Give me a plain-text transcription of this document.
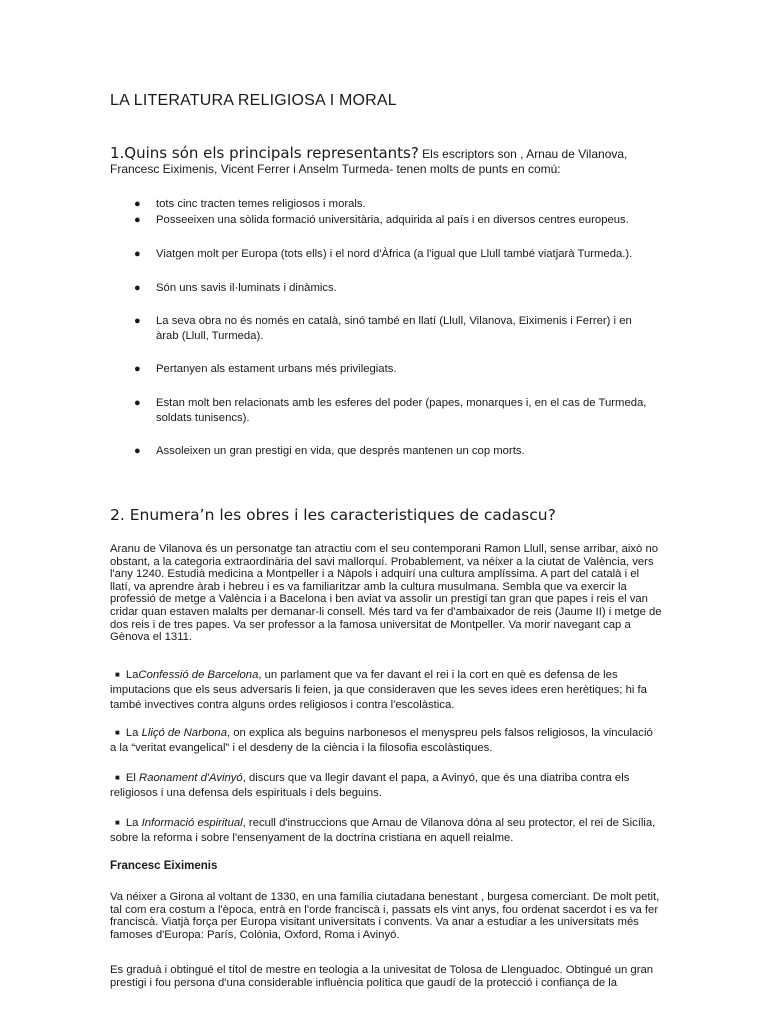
LA LITERATURA RELIGIOSA I MORAL
1.Quins són els principals representants? Els escriptors son , Arnau de Vilanova, Francesc Eiximenis, Vicent Ferrer i Anselm Turmeda- tenen molts de punts en comú:
●	tots cinc tracten temes religiosos i morals.
●	Posseeixen una sòlida formació universitària, adquirida al país i en diversos centres europeus.
●	Viatgen molt per Europa (tots ells) i el nord d'Àfrica (a l'igual que Llull també viatjarà Turmeda.).
●	Són uns savis il·luminats i dinàmics.
●	La seva obra no és només en català, sinó també en llatí (Llull, Vilanova, Eiximenis i Ferrer) i en àrab (Llull, Turmeda).
●	Pertanyen als estament urbans més privilegiats.
●	Estan molt ben relacionats amb les esferes del poder (papes, monarques i, en el cas de Turmeda, soldats tunisencs).
●	Assoleixen un gran prestigi en vida, que després mantenen un cop morts.
2. Enumera’n les obres i les caracteristiques de cadascu?
Aranu de Vilanova és un personatge tan atractiu com el seu contemporani Ramon Llull, sense arribar, això no obstant, a la categoria extraordinària del savi mallorquí. Probablement, va néixer a la ciutat de València, vers l'any 1240. Estudià medicina a Montpeller i a Nàpols i adquirí una cultura amplíssima. A part del català i el llatí, va aprendre àrab i hebreu i es va familiaritzar amb la cultura musulmana. Sembla que va exercir la professió de metge a València i a Bacelona i ben aviat va assolir un prestigi tan gran que papes i reis el van cridar quan estaven malalts per demanar-li consell. Més tard va fer d'ambaixador de reis (Jaume II) i metge de dos reis i de tres papes. Va ser professor a la famosa universitat de Montpeller. Va morir navegant cap a Gènova el 1311.
■ LaConfessió de Barcelona, un parlament que va fer davant el rei i la cort en què es defensa de les imputacions que els seus adversaris li feien, ja que consideraven que les seves idees eren herètiques; hi fa també invectives contra alguns ordes religiosos i contra l'escolàstica.
■ La Lliçó de Narbona, on explica als beguins narbonesos el menyspreu pels falsos religiosos, la vinculació a la “veritat evangelical” i el desdeny de la ciència i la filosofia escolàstiques.
■ El Raonament d'Avinyó, discurs que va llegir davant el papa, a Avinyó, que és una diatriba contra els religiosos i una defensa dels espirituals i dels beguins.
■ La Informació espiritual, recull d'instruccions que Arnau de Vilanova dóna al seu protector, el rei de Sicília, sobre la reforma i sobre l'ensenyament de la doctrina cristiana en aquell reialme.
Francesc Eiximenis
Va néixer a Girona al voltant de 1330, en una família ciutadana benestant , burgesa comerciant. De molt petit, tal com era costum a l'època, entrà en l'orde franciscà i, passats els vint anys, fou ordenat sacerdot i es va fer franciscà. Viatjà força per Europa visitant universitats i convents. Va anar a estudiar a les universitats més famoses d'Europa: París, Colònia, Oxford, Roma i Avinyó.
Es graduà i obtingué el títol de mestre en teologia a la univesitat de Tolosa de Llenguadoc. Obtingué un gran prestigi i fou persona d'una considerable influència política que gaudí de la protecció i confiança de la
